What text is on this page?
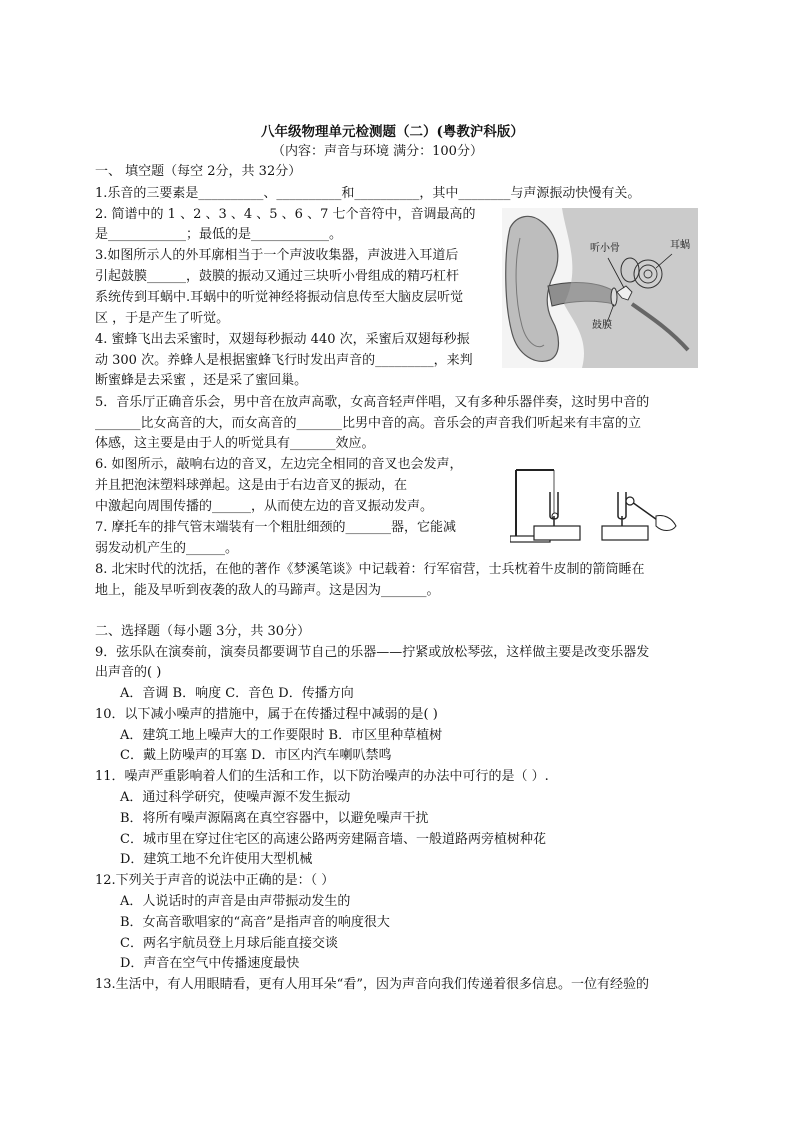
八年级物理单元检测题（二）(粤教沪科版）
（内容：声音与环境 满分：100分）
一、 填空题（每空 2分，共 32分）
1.乐音的三要素是__________、__________和__________，其中________与声源振动快慢有关。
2. 简谱中的 1 、2 、3 、4 、5 、6 、7 七个音符中，音调最高的
是____________；最低的是____________。
3.如图所示人的外耳廓相当于一个声波收集器，声波进入耳道后
引起鼓膜______，鼓膜的振动又通过三块听小骨组成的精巧杠杆
系统传到耳蜗中.耳蜗中的听觉神经将振动信息传至大脑皮层听觉
区 ，于是产生了听觉。
4. 蜜蜂飞出去采蜜时，双翅每秒振动 440 次，采蜜后双翅每秒振
动 300 次。养蜂人是根据蜜蜂飞行时发出声音的_________，来判
断蜜蜂是去采蜜 ，还是采了蜜回巢。
5．音乐厅正确音乐会，男中音在放声高歌，女高音轻声伴唱，又有多种乐器伴奏，这时男中音的
_______比女高音的大，而女高音的_______比男中音的高。音乐会的声音我们听起来有丰富的立
体感，这主要是由于人的听觉具有_______效应。
6. 如图所示，敲响右边的音叉，左边完全相同的音叉也会发声，
并且把泡沫塑料球弹起。这是由于右边音叉的振动，在
中激起向周围传播的______，从而使左边的音叉振动发声。
7. 摩托车的排气管末端装有一个粗肚细颈的_______器，它能减
弱发动机产生的______。
8. 北宋时代的沈括，在他的著作《梦溪笔谈》中记载着：行军宿营，士兵枕着牛皮制的箭筒睡在
地上，能及早听到夜袭的敌人的马蹄声。这是因为_______。
听小骨	耳蜗
鼓膜
二、选择题（每小题 3分，共 30分）
9．弦乐队在演奏前，演奏员都要调节自己的乐器——拧紧或放松琴弦，这样做主要是改变乐器发
出声音的( )
A．音调 B．响度 C．音色 D．传播方向
10．以下减小噪声的措施中，属于在传播过程中减弱的是( )
A．建筑工地上噪声大的工作要限时 B．市区里种草植树
C．戴上防噪声的耳塞 D．市区内汽车喇叭禁鸣
11．噪声严重影响着人们的生活和工作，以下防治噪声的办法中可行的是（ ）.
A．通过科学研究，使噪声源不发生振动
B．将所有噪声源隔离在真空容器中，以避免噪声干扰
C．城市里在穿过住宅区的高速公路两旁建隔音墙、一般道路两旁植树种花
D．建筑工地不允许使用大型机械
12.下列关于声音的说法中正确的是：（ ）
A．人说话时的声音是由声带振动发生的
B．女高音歌唱家的“高音”是指声音的响度很大
C．两名宇航员登上月球后能直接交谈
D．声音在空气中传播速度最快
13.生活中，有人用眼睛看，更有人用耳朵“看”，因为声音向我们传递着很多信息。一位有经验的
